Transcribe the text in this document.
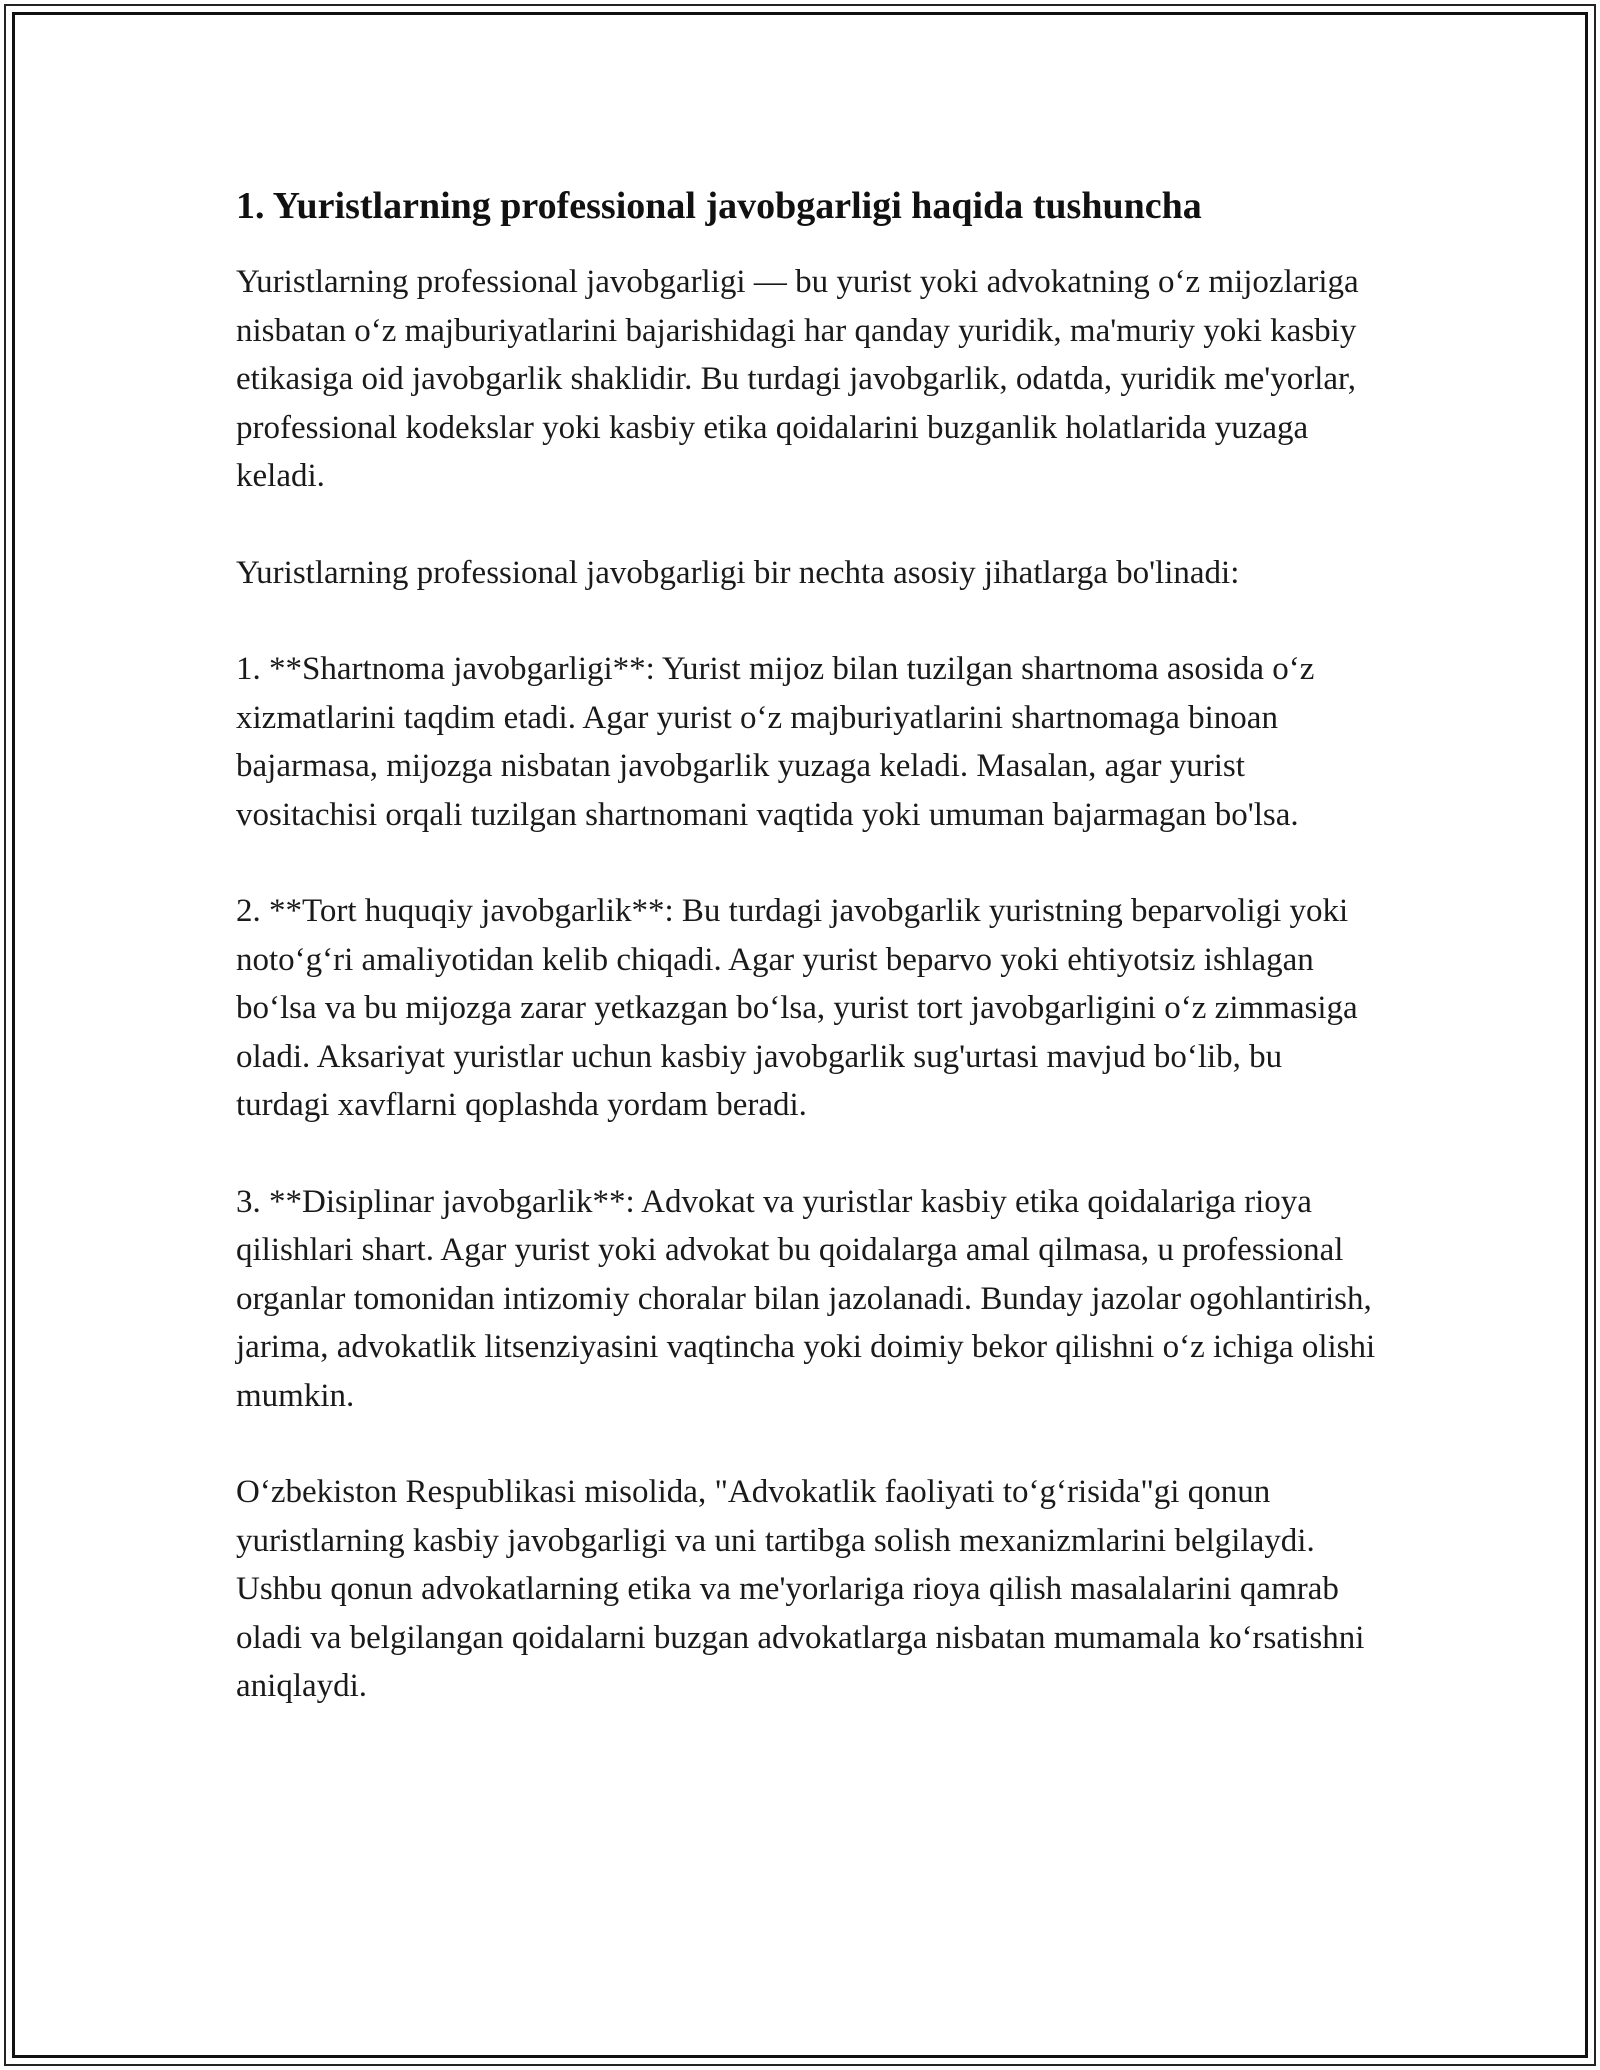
1. Yuristlarning professional javobgarligi haqida tushuncha

Yuristlarning professional javobgarligi — bu yurist yoki advokatning o‘z mijozlariga nisbatan o‘z majburiyatlarini bajarishidagi har qanday yuridik, ma'muriy yoki kasbiy etikasiga oid javobgarlik shaklidir. Bu turdagi javobgarlik, odatda, yuridik me'yorlar, professional kodekslar yoki kasbiy etika qoidalarini buzganlik holatlarida yuzaga keladi.

Yuristlarning professional javobgarligi bir nechta asosiy jihatlarga bo'linadi:

1. **Shartnoma javobgarligi**: Yurist mijoz bilan tuzilgan shartnoma asosida o‘z xizmatlarini taqdim etadi. Agar yurist o‘z majburiyatlarini shartnomaga binoan bajarmasa, mijozga nisbatan javobgarlik yuzaga keladi. Masalan, agar yurist vositachisi orqali tuzilgan shartnomani vaqtida yoki umuman bajarmagan bo'lsa.

2. **Tort huquqiy javobgarlik**: Bu turdagi javobgarlik yuristning beparvoligi yoki noto‘g‘ri amaliyotidan kelib chiqadi. Agar yurist beparvo yoki ehtiyotsiz ishlagan bo‘lsa va bu mijozga zarar yetkazgan bo‘lsa, yurist tort javobgarligini o‘z zimmasiga oladi. Aksariyat yuristlar uchun kasbiy javobgarlik sug'urtasi mavjud bo‘lib, bu turdagi xavflarni qoplashda yordam beradi.

3. **Disiplinar javobgarlik**: Advokat va yuristlar kasbiy etika qoidalariga rioya qilishlari shart. Agar yurist yoki advokat bu qoidalarga amal qilmasa, u professional organlar tomonidan intizomiy choralar bilan jazolanadi. Bunday jazolar ogohlantirish, jarima, advokatlik litsenziyasini vaqtincha yoki doimiy bekor qilishni o‘z ichiga olishi mumkin.

O‘zbekiston Respublikasi misolida, "Advokatlik faoliyati to‘g‘risida"gi qonun yuristlarning kasbiy javobgarligi va uni tartibga solish mexanizmlarini belgilaydi. Ushbu qonun advokatlarning etika va me'yorlariga rioya qilish masalalarini qamrab oladi va belgilangan qoidalarni buzgan advokatlarga nisbatan mumamala ko‘rsatishni aniqlaydi.
